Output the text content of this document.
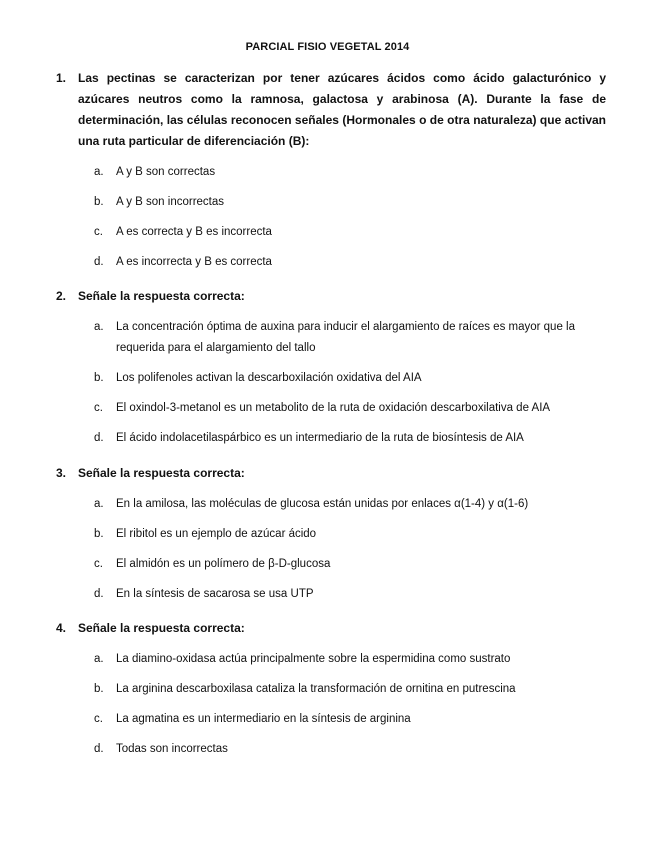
PARCIAL FISIO VEGETAL 2014
1. Las pectinas se caracterizan por tener azúcares ácidos como ácido galacturónico y azúcares neutros como la ramnosa, galactosa y arabinosa (A). Durante la fase de determinación, las células reconocen señales (Hormonales o de otra naturaleza) que activan una ruta particular de diferenciación (B):
a.	A y B son correctas
b.	A y B son incorrectas
c.	A es correcta y B es incorrecta
d.	A es incorrecta y B es correcta
2. Señale la respuesta correcta:
a.	La concentración óptima de auxina para inducir el alargamiento de raíces es mayor que la requerida para el alargamiento del tallo
b.	Los polifenoles activan la descarboxilación oxidativa del AIA
c.	El oxindol-3-metanol es un metabolito de la ruta de oxidación descarboxilativa de AIA
d.	El ácido indolacetilaspárbico es un intermediario de la ruta de biosíntesis de AIA
3. Señale la respuesta correcta:
a.	En la amilosa, las moléculas de glucosa están unidas por enlaces α(1-4) y α(1-6)
b.	El ribitol es un ejemplo de azúcar ácido
c.	El almidón es un polímero de β-D-glucosa
d.	En la síntesis de sacarosa se usa UTP
4. Señale la respuesta correcta:
a.	La diamino-oxidasa actúa principalmente sobre la espermidina como sustrato
b.	La arginina descarboxilasa cataliza la transformación de ornitina en putrescina
c.	La agmatina es un intermediario en la síntesis de arginina
d.	Todas son incorrectas
